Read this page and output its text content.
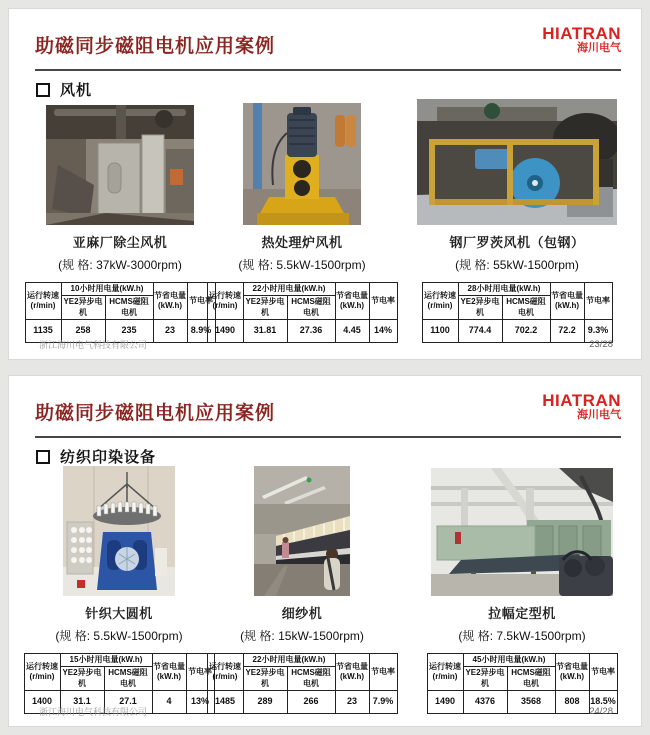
助磁同步磁阻电机应用案例
HIATRAN
海川电气
风机
亚麻厂除尘风机
(规 格: 37kW-3000rpm)
运行转速(r/min)	10小时用电量(kW.h)		节省电量(kW.h)	节电率
	YE2异步电机	HCMS磁阻电机		
1135	258	235	23	8.9%
热处理炉风机
(规 格: 5.5kW-1500rpm)
运行转速(r/min)	22小时用电量(kW.h)		节省电量(kW.h)	节电率
	YE2异步电机	HCMS磁阻电机		
1490	31.81	27.36	4.45	14%
钢厂罗茨风机（包钢）
(规 格: 55kW-1500rpm)
运行转速(r/min)	28小时用电量(kW.h)		节省电量(kW.h)	节电率
	YE2异步电机	HCMS磁阻电机		
1100	774.4	702.2	72.2	9.3%
浙江海川电气科技有限公司	23/28
助磁同步磁阻电机应用案例
HIATRAN
海川电气
纺织印染设备
针织大圆机
(规 格: 5.5kW-1500rpm)
运行转速(r/min)	15小时用电量(kW.h)		节省电量(kW.h)	节电率
	YE2异步电机	HCMS磁阻电机		
1400	31.1	27.1	4	13%
细纱机
(规 格: 15kW-1500rpm)
运行转速(r/min)	22小时用电量(kW.h)		节省电量(kW.h)	节电率
	YE2异步电机	HCMS磁阻电机		
1485	289	266	23	7.9%
拉幅定型机
(规 格: 7.5kW-1500rpm)
运行转速(r/min)	45小时用电量(kW.h)		节省电量(kW.h)	节电率
	YE2异步电机	HCMS磁阻电机		
1490	4376	3568	808	18.5%
浙江海川电气科技有限公司	24/28
